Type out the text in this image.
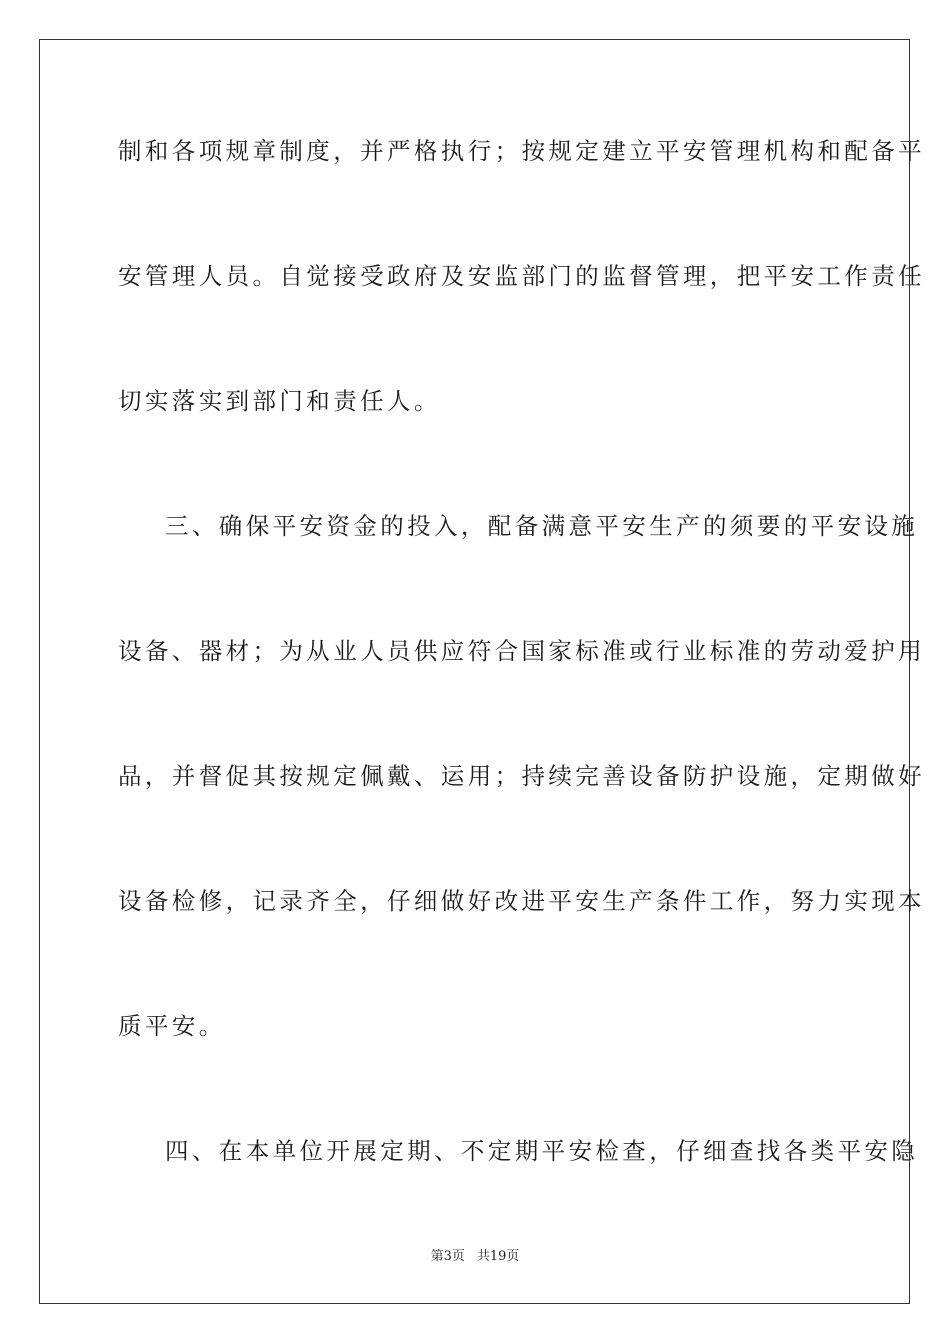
制和各项规章制度，并严格执行；按规定建立平安管理机构和配备平
安管理人员。自觉接受政府及安监部门的监督管理，把平安工作责任
切实落实到部门和责任人。
三、确保平安资金的投入，配备满意平安生产的须要的平安设施
设备、器材；为从业人员供应符合国家标准或行业标准的劳动爱护用
品，并督促其按规定佩戴、运用；持续完善设备防护设施，定期做好
设备检修，记录齐全，仔细做好改进平安生产条件工作，努力实现本
质平安。
四、在本单位开展定期、不定期平安检查，仔细查找各类平安隐
第3页 共19页
